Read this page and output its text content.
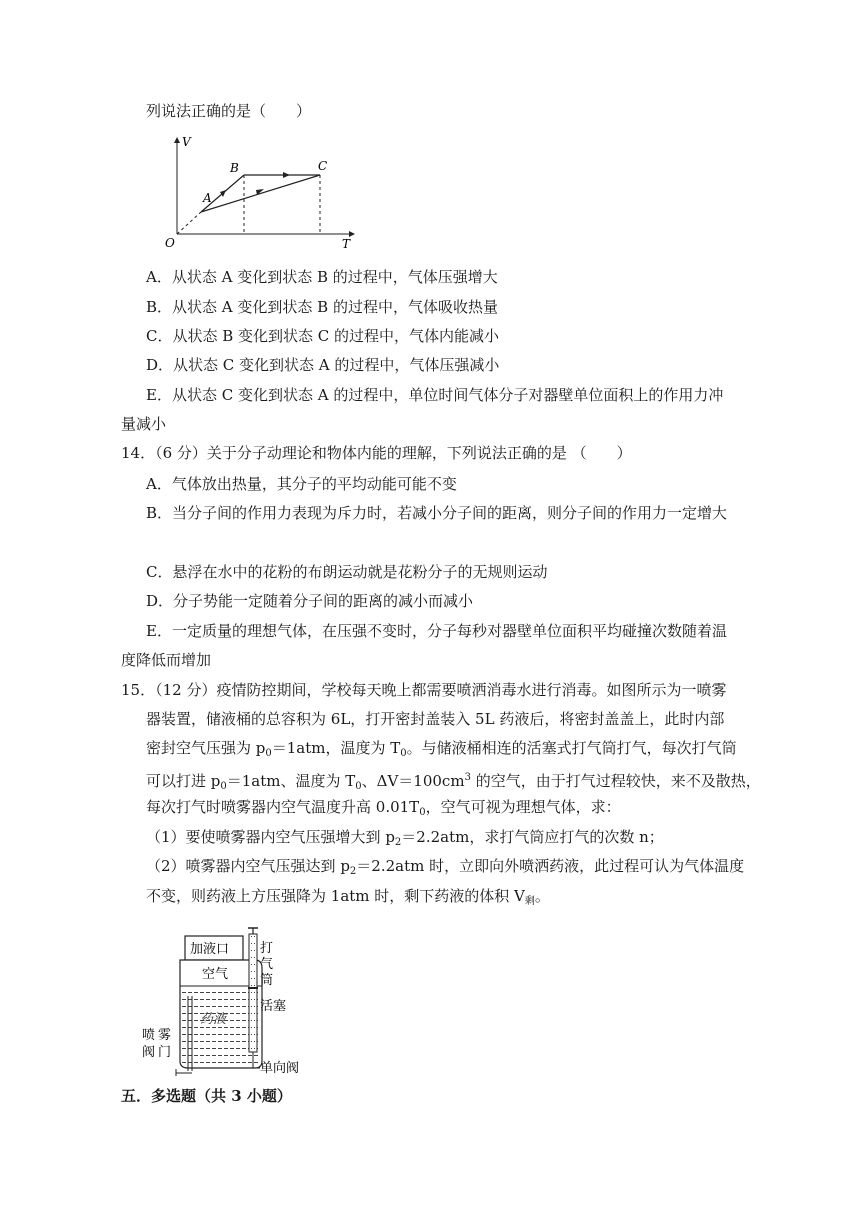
列说法正确的是（　　）
V
T
O
A
B	C
A．从状态 A 变化到状态 B 的过程中，气体压强增大
B．从状态 A 变化到状态 B 的过程中，气体吸收热量
C．从状态 B 变化到状态 C 的过程中，气体内能减小
D．从状态 C 变化到状态 A 的过程中，气体压强减小
E．从状态 C 变化到状态 A 的过程中，单位时间气体分子对器壁单位面积上的作用力冲
量减小
14．（6 分）关于分子动理论和物体内能的理解，下列说法正确的是 （　　）
A．气体放出热量，其分子的平均动能可能不变
B．当分子间的作用力表现为斥力时，若减小分子间的距离，则分子间的作用力一定增大
C．悬浮在水中的花粉的布朗运动就是花粉分子的无规则运动
D．分子势能一定随着分子间的距离的减小而减小
E．一定质量的理想气体，在压强不变时，分子每秒对器壁单位面积平均碰撞次数随着温
度降低而增加
15．（12 分）疫情防控期间，学校每天晚上都需要喷洒消毒水进行消毒。如图所示为一喷雾
器装置，储液桶的总容积为 6L，打开密封盖装入 5L 药液后，将密封盖盖上，此时内部
密封空气压强为 $p_0=1atm$，温度为 $T_0$。与储液桶相连的活塞式打气筒打气，每次打气筒
可以打进 $p_0=1atm$、温度为 $T_0$、$\Delta V=100cm^3$ 的空气，由于打气过程较快，来不及散热，
每次打气时喷雾器内空气温度升高 $0.01T_0$，空气可视为理想气体，求：
（1）要使喷雾器内空气压强增大到 $p_2=2.2atm$，求打气筒应打气的次数 n；
（2）喷雾器内空气压强达到 $p_2=2.2atm$ 时，立即向外喷洒药液，此过程可认为气体温度
不变，则药液上方压强降为 1atm 时，剩下药液的体积 $V_剩$。
加液口
空气
药液
打
气
筒
活塞
单向阀
喷 雾
阀 门
五．多选题（共 3 小题）
